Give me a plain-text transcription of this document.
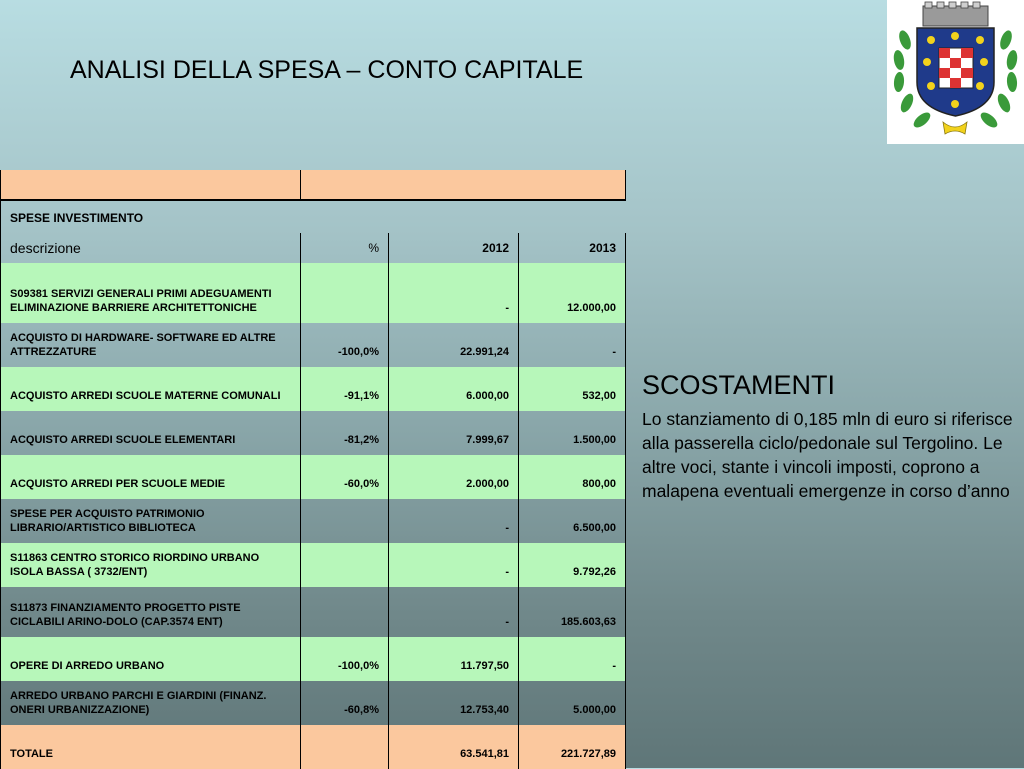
ANALISI DELLA SPESA – CONTO CAPITALE

SPESE INVESTIMENTO			
descrizione	%	2012	2013
S09381 SERVIZI GENERALI PRIMI ADEGUAMENTI ELIMINAZIONE BARRIERE ARCHITETTONICHE		-	12.000,00
ACQUISTO DI HARDWARE- SOFTWARE ED ALTRE ATTREZZATURE	-100,0%	22.991,24	-
ACQUISTO ARREDI SCUOLE MATERNE COMUNALI	-91,1%	6.000,00	532,00
ACQUISTO ARREDI SCUOLE ELEMENTARI	-81,2%	7.999,67	1.500,00
ACQUISTO ARREDI PER SCUOLE MEDIE	-60,0%	2.000,00	800,00
SPESE PER ACQUISTO PATRIMONIO LIBRARIO/ARTISTICO BIBLIOTECA		-	6.500,00
S11863 CENTRO STORICO RIORDINO URBANO ISOLA BASSA ( 3732/ENT)		-	9.792,26
S11873 FINANZIAMENTO PROGETTO PISTE CICLABILI ARINO-DOLO (CAP.3574 ENT)		-	185.603,63
OPERE DI ARREDO URBANO	-100,0%	11.797,50	-
ARREDO URBANO PARCHI E GIARDINI (FINANZ. ONERI URBANIZZAZIONE)	-60,8%	12.753,40	5.000,00
TOTALE		63.541,81	221.727,89
SCOSTAMENTI
Lo stanziamento di 0,185 mln di euro si riferisce alla passerella ciclo/pedonale sul Tergolino. Le altre voci, stante i vincoli imposti, coprono a malapena eventuali emergenze in corso d’anno
